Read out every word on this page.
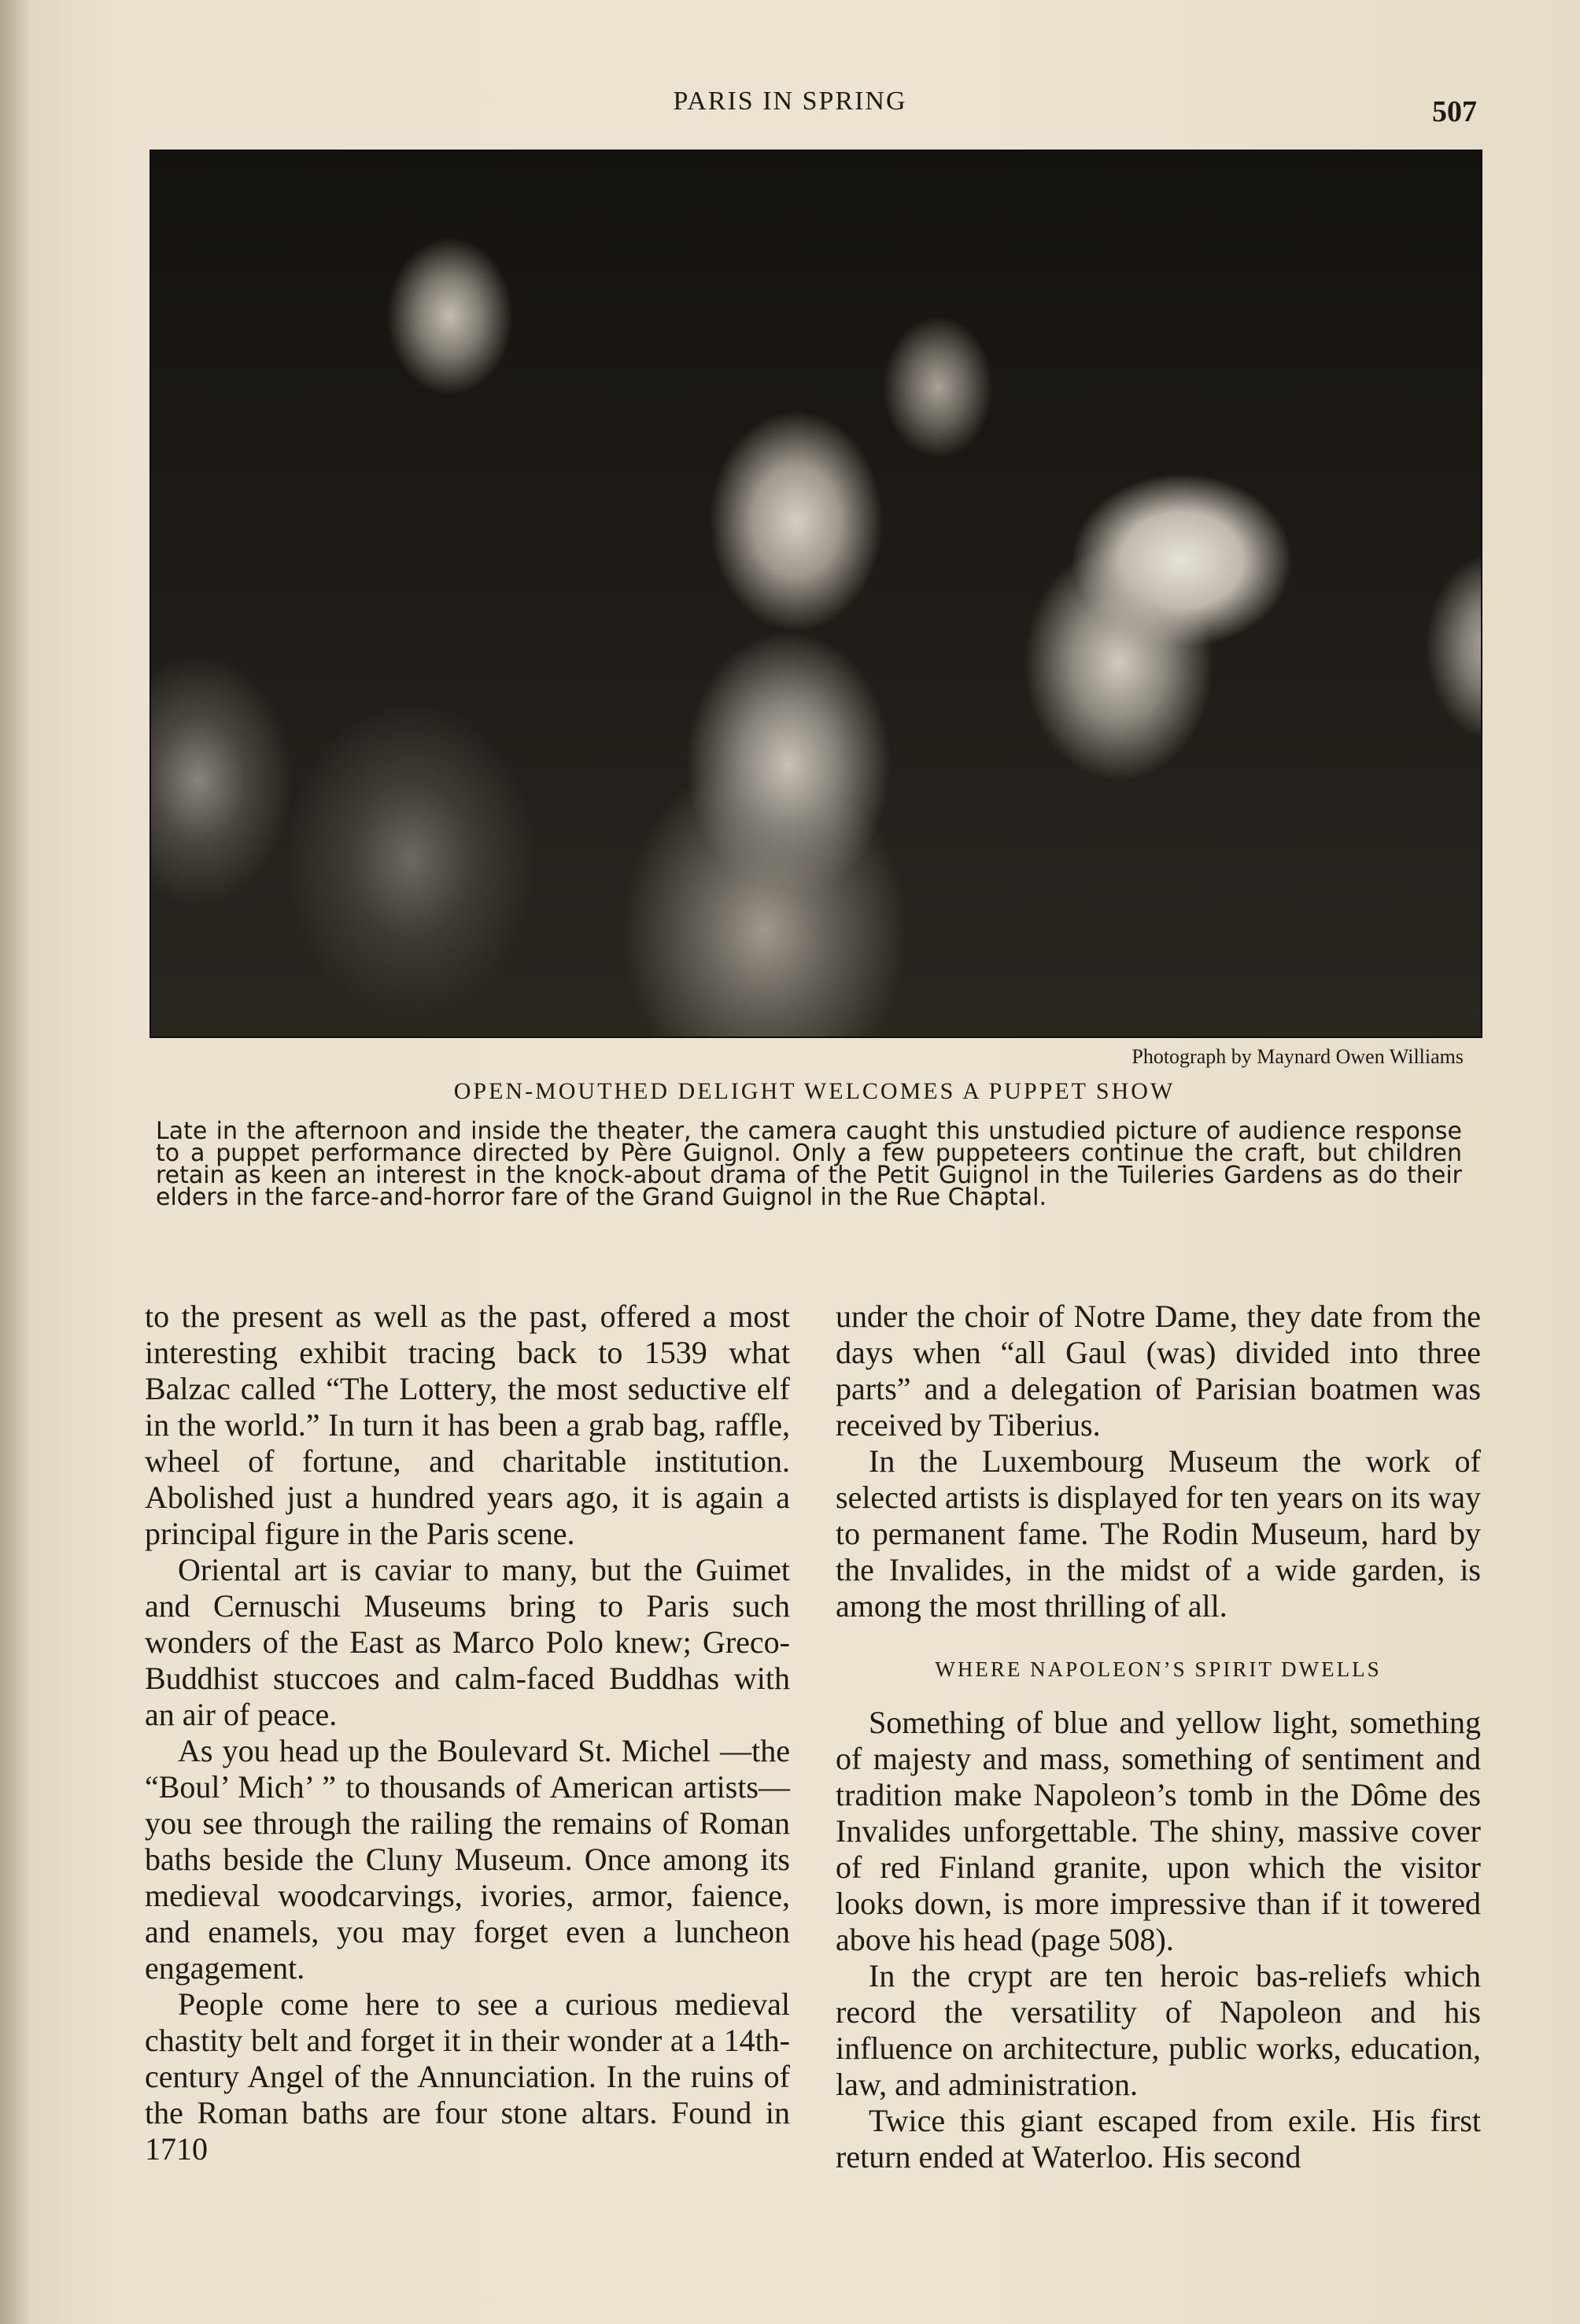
PARIS IN SPRING	507
Photograph by Maynard Owen Williams
OPEN-MOUTHED DELIGHT WELCOMES A PUPPET SHOW
Late in the afternoon and inside the theater, the camera caught this unstudied picture of audience response to a puppet performance directed by Père Guignol. Only a few puppeteers continue the craft, but children retain as keen an interest in the knock-about drama of the Petit Guignol in the Tuileries Gardens as do their elders in the farce-and-horror fare of the Grand Guignol in the Rue Chaptal.

to the present as well as the past, offered a most interesting exhibit tracing back to 1539 what Balzac called “The Lottery, the most seductive elf in the world.” In turn it has been a grab bag, raffle, wheel of fortune, and charitable institution. Abolished just a hundred years ago, it is again a principal figure in the Paris scene.

Oriental art is caviar to many, but the Guimet and Cernuschi Museums bring to Paris such wonders of the East as Marco Polo knew; Greco-Buddhist stuccoes and calm-faced Buddhas with an air of peace.

As you head up the Boulevard St. Michel —the “Boul’ Mich’ ” to thousands of American artists—you see through the railing the remains of Roman baths beside the Cluny Museum. Once among its medieval woodcarvings, ivories, armor, faience, and enamels, you may forget even a luncheon engagement.

People come here to see a curious medieval chastity belt and forget it in their wonder at a 14th-century Angel of the Annunciation. In the ruins of the Roman baths are four stone altars. Found in 1710

under the choir of Notre Dame, they date from the days when “all Gaul (was) divided into three parts” and a delegation of Parisian boatmen was received by Tiberius.

In the Luxembourg Museum the work of selected artists is displayed for ten years on its way to permanent fame. The Rodin Museum, hard by the Invalides, in the midst of a wide garden, is among the most thrilling of all.

WHERE NAPOLEON’S SPIRIT DWELLS

Something of blue and yellow light, something of majesty and mass, something of sentiment and tradition make Napoleon’s tomb in the Dôme des Invalides unforgettable. The shiny, massive cover of red Finland granite, upon which the visitor looks down, is more impressive than if it towered above his head (page 508).

In the crypt are ten heroic bas-reliefs which record the versatility of Napoleon and his influence on architecture, public works, education, law, and administration.

Twice this giant escaped from exile. His first return ended at Waterloo. His second
